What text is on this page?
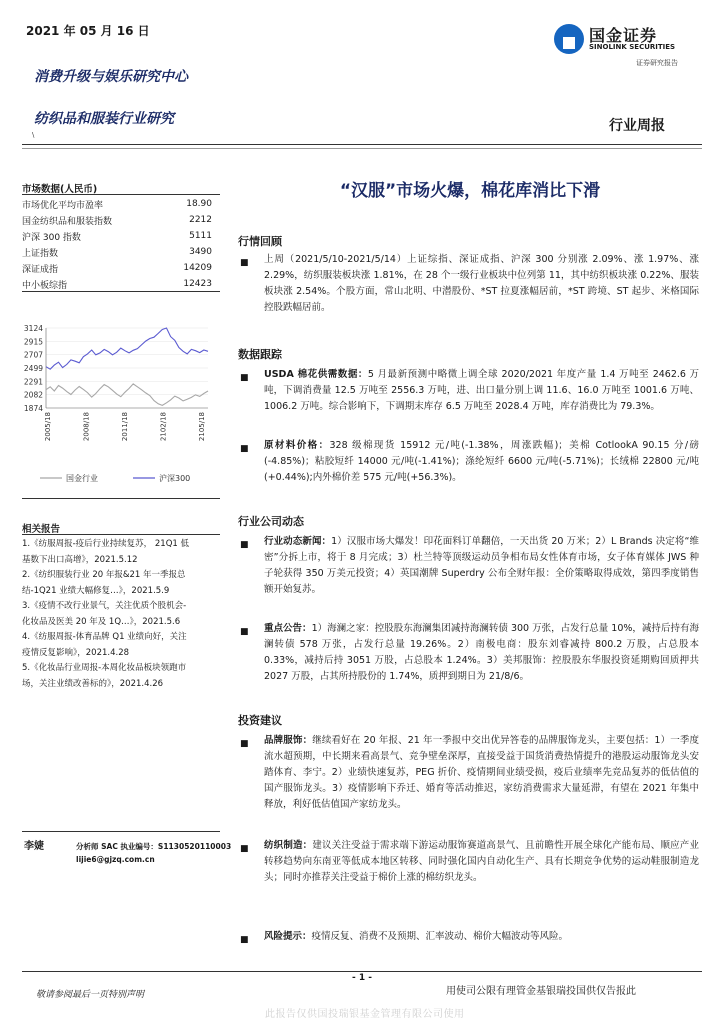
2021 年 05 月 16 日	国金证券
SINOLINK SECURITIES
证券研究报告
消费升级与娱乐研究中心
纺织品和服装行业研究
\
行业周报
市场数据(人民币)
市场优化平均市盈率	18.90
国金纺织品和服装指数	2212
沪深 300 指数	5111
上证指数	3490
深证成指	14209
中小板综指	12423
3124
2915
2707
2499
2291
2082
1874
2005/18	2008/18	2011/18	2102/18	2105/18
国金行业	沪深300
相关报告
1.《纺服周报-疫后行业持续复苏， 21Q1 低
基数下出口高增》，2021.5.12
2.《纺织服装行业 20 年报&21 年一季报总
结-1Q21 业绩大幅修复…》，2021.5.9
3.《疫情不改行业景气，关注优质个股机会-
化妆品及医美 20 年及 1Q…》，2021.5.6
4.《纺服周报-体育品牌 Q1 业绩向好，关注
疫情反复影响》，2021.4.28
5.《化妆品行业周报-本周化妆品板块领跑市
场，关注业绩改善标的》，2021.4.26
李婕	分析师 SAC 执业编号：S1130520110003
lijie6@gjzq.com.cn
“汉服”市场火爆，棉花库消比下滑
行情回顾
■ 上周（2021/5/10-2021/5/14）上证综指、深证成指、沪深 300 分别涨 2.09%、涨 1.97%、涨 2.29%，纺织服装板块涨 1.81%，在 28 个一级行业板块中位列第 11，其中纺织板块涨 0.22%、服装板块涨 2.54%。个股方面，常山北明、中潜股份、*ST 拉夏涨幅居前，*ST 跨境、ST 起步、米格国际控股跌幅居前。
数据跟踪
■ USDA 棉花供需数据：5 月最新预测中略微上调全球 2020/2021 年度产量 1.4 万吨至 2462.6 万吨，下调消费量 12.5 万吨至 2556.3 万吨，进、出口量分别上调 11.6、16.0 万吨至 1001.6 万吨、1006.2 万吨。综合影响下，下调期末库存 6.5 万吨至 2028.4 万吨，库存消费比为 79.3%。
■ 原材料价格：328 级棉现货 15912 元/吨(-1.38%，周涨跌幅)；美棉 CotlookA 90.15 分/磅(-4.85%)；粘胶短纤 14000 元/吨(-1.41%)；涤纶短纤 6600 元/吨(-5.71%)；长绒棉 22800 元/吨(+0.44%);内外棉价差 575 元/吨(+56.3%)。
行业公司动态
■ 行业动态新闻：1）汉服市场大爆发！印花面料订单翻倍，一天出货 20 万米；2）L Brands 决定将“维密”分拆上市，将于 8 月完成；3）杜兰特等顶级运动员争相布局女性体育市场，女子体育媒体 JWS 种子轮获得 350 万美元投资；4）英国潮牌 Superdry 公布全财年报：全价策略取得成效，第四季度销售额开始复苏。
■ 重点公告：1）海澜之家：控股股东海澜集团减持海澜转债 300 万张，占发行总量 10%，减持后持有海澜转债 578 万张，占发行总量 19.26%。2）南极电商：股东刘睿减持 800.2 万股，占总股本 0.33%，减持后持 3051 万股，占总股本 1.24%。3）美邦服饰：控股股东华服投资延期购回质押共 2027 万股，占其所持股份的 1.74%，质押到期日为 21/8/6。
投资建议
■ 品牌服饰：继续看好在 20 年报、21 年一季报中交出优异答卷的品牌服饰龙头，主要包括：1）一季度流水超预期，中长期来看高景气、竞争壁垒深厚，直接受益于国货消费热情提升的港股运动服饰龙头安踏体育、李宁。2）业绩快速复苏，PEG 折价、疫情期间业绩受损，疫后业绩率先竞品复苏的低估值的国产服饰龙头。3）疫情影响下乔迁、婚育等活动推迟，家纺消费需求大量延滞，有望在 2021 年集中释放，利好低估值国产家纺龙头。
■ 纺织制造：建议关注受益于需求端下游运动服饰赛道高景气、且前瞻性开展全球化产能布局、顺应产业转移趋势向东南亚等低成本地区转移、同时强化国内自动化生产、具有长期竞争优势的运动鞋服制造龙头；同时亦推荐关注受益于棉价上涨的棉纺织龙头。
■ 风险提示：疫情反复、消费不及预期、汇率波动、棉价大幅波动等风险。
- 1 -
敬请参阅最后一页特别声明	用使司公限有理管金基银瑞投国供仅告报此
此报告仅供国投瑞银基金管理有限公司使用
